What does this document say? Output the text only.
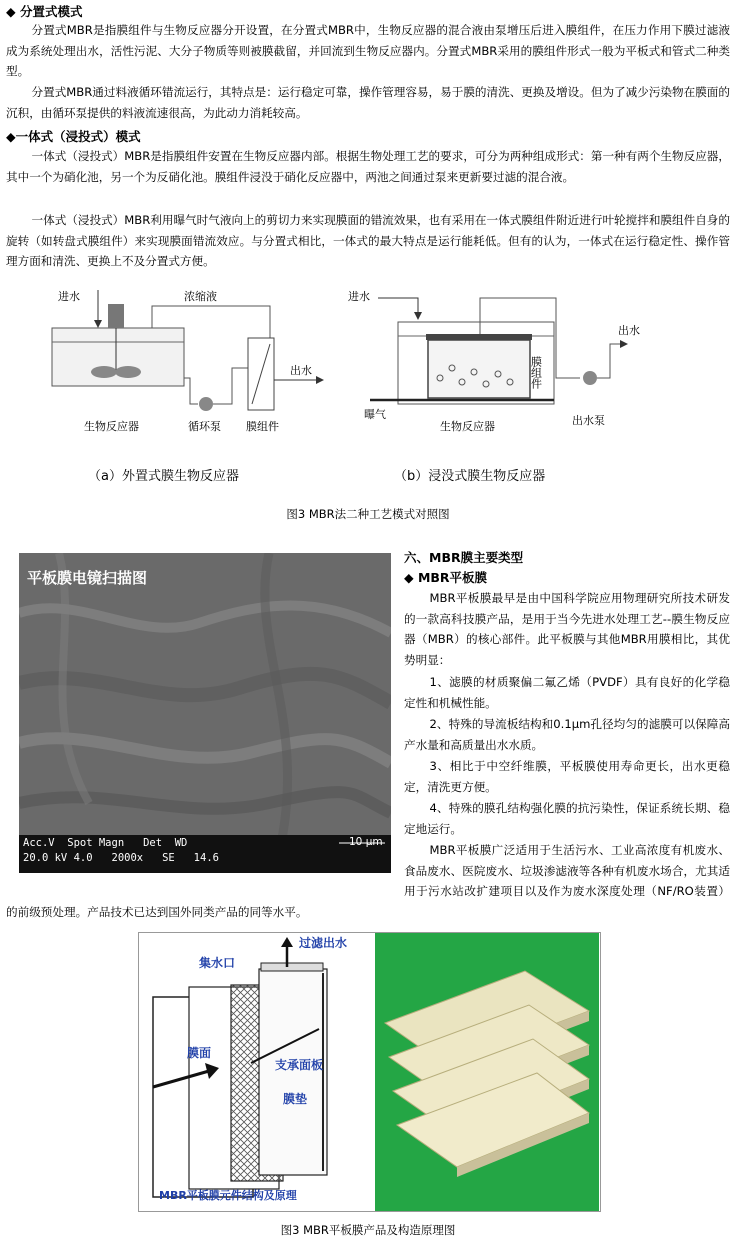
◆ 分置式模式
分置式MBR是指膜组件与生物反应器分开设置，在分置式MBR中，生物反应器的混合液由泵增压后进入膜组件，在压力作用下膜过滤液成为系统处理出水，活性污泥、大分子物质等则被膜截留，并回流到生物反应器内。分置式MBR采用的膜组件形式一般为平板式和管式二种类型。
分置式MBR通过料液循环错流运行，其特点是：运行稳定可靠，操作管理容易，易于膜的清洗、更换及增设。但为了减少污染物在膜面的沉积，由循环泵提供的料液流速很高，为此动力消耗较高。
◆一体式（浸投式）模式
一体式（浸投式）MBR是指膜组件安置在生物反应器内部。根据生物处理工艺的要求，可分为两种组成形式：第一种有两个生物反应器，其中一个为硝化池，另一个为反硝化池。膜组件浸没于硝化反应器中，两池之间通过泵来更新要过滤的混合液。
一体式（浸投式）MBR利用曝气时气液向上的剪切力来实现膜面的错流效果，也有采用在一体式膜组件附近进行叶轮搅拌和膜组件自身的旋转（如转盘式膜组件）来实现膜面错流效应。与分置式相比，一体式的最大特点是运行能耗低。但有的认为，一体式在运行稳定性、操作管理方面和清洗、更换上不及分置式方便。
进水	浓缩液
出水
生物反应器	循环泵 膜组件
（a）外置式膜生物反应器
进水
出水
膜组件
曝气
生物反应器	出水泵
（b）浸没式膜生物反应器
图3 MBR法二种工艺模式对照图
平板膜电镜扫描图
Acc.V  Spot Magn   Det  WD
20.0 kV 4.0   2000x   SE   14.6
10 μm
六、MBR膜主要类型
◆ MBR平板膜
MBR平板膜最早是由中国科学院应用物理研究所技术研发的一款高科技膜产品，是用于当今先进水处理工艺--膜生物反应器（MBR）的核心部件。此平板膜与其他MBR用膜相比，其优势明显：
1、滤膜的材质聚偏二氟乙烯（PVDF）具有良好的化学稳定性和机械性能。
2、特殊的导流板结构和0.1μm孔径均匀的滤膜可以保障高产水量和高质量出水水质。
3、相比于中空纤维膜，平板膜使用寿命更长，出水更稳定，清洗更方便。
4、特殊的膜孔结构强化膜的抗污染性，保证系统长期、稳定地运行。
MBR平板膜广泛适用于生活污水、工业高浓度有机废水、食品废水、医院废水、垃圾渗滤液等各种有机废水场合，尤其适用于污水站改扩建项目以及作为废水深度处理（NF/RO装置）的前级预处理。产品技术已达到国外同类产品的同等水平。
集水口
过滤出水
膜面
支承面板
膜垫
MBR平板膜元件结构及原理
图3 MBR平板膜产品及构造原理图
